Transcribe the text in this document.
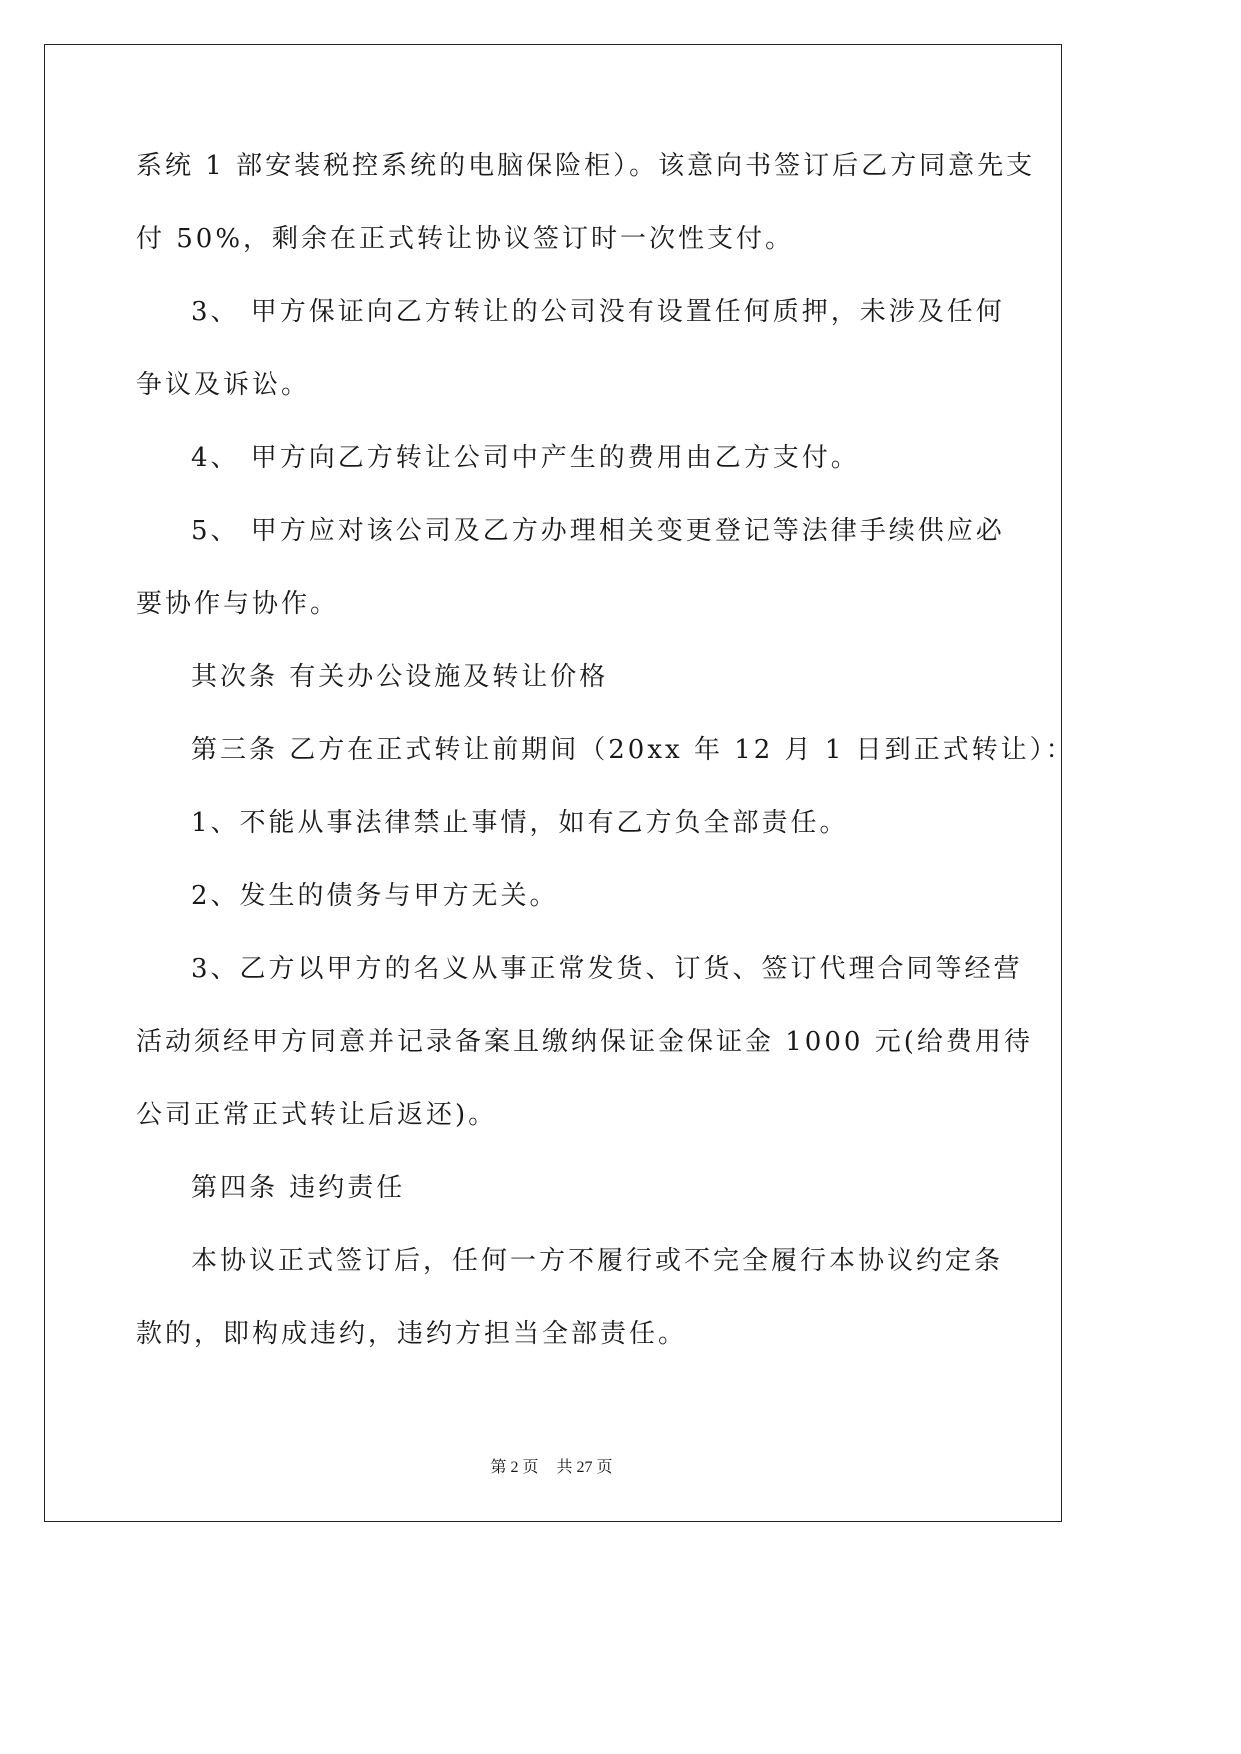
系统 1 部安装税控系统的电脑保险柜）。该意向书签订后乙方同意先支
付 50%，剩余在正式转让协议签订时一次性支付。
3、 甲方保证向乙方转让的公司没有设置任何质押，未涉及任何
争议及诉讼。
4、 甲方向乙方转让公司中产生的费用由乙方支付。
5、 甲方应对该公司及乙方办理相关变更登记等法律手续供应必
要协作与协作。
其次条 有关办公设施及转让价格
第三条 乙方在正式转让前期间（20xx 年 12 月 1 日到正式转让）：
1、不能从事法律禁止事情，如有乙方负全部责任。
2、发生的债务与甲方无关。
3、乙方以甲方的名义从事正常发货、订货、签订代理合同等经营
活动须经甲方同意并记录备案且缴纳保证金保证金 1000 元(给费用待
公司正常正式转让后返还)。
第四条 违约责任
本协议正式签订后，任何一方不履行或不完全履行本协议约定条
款的，即构成违约，违约方担当全部责任。
第 2 页 共 27 页
